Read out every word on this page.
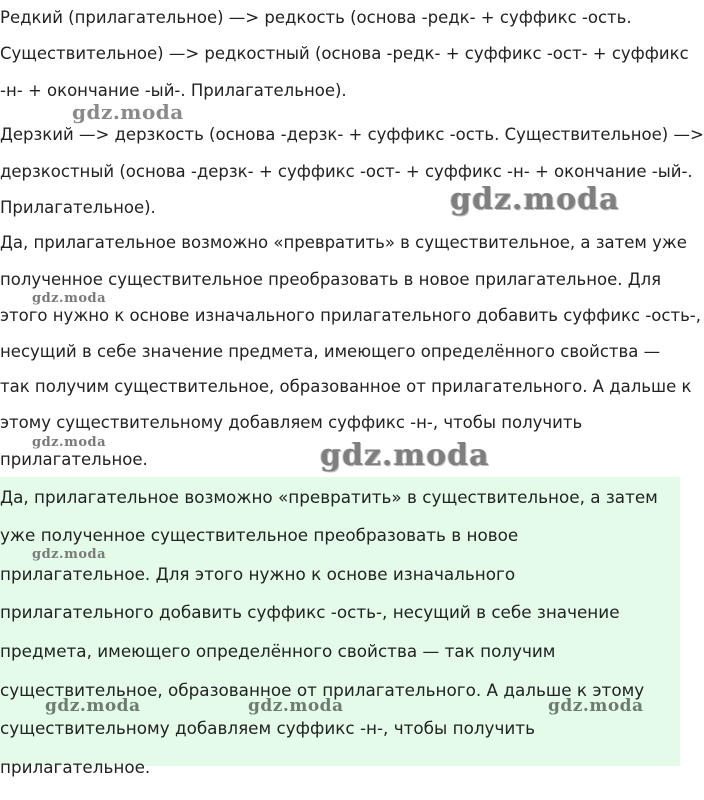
Редкий (прилагательное) —> редкость (основа -редк- + суффикс -ость.
Существительное) —> редкостный (основа -редк- + суффикс -ост- + суффикс
-н- + окончание -ый-. Прилагательное).
Дерзкий —> дерзкость (основа -дерзк- + суффикс -ость. Существительное) —>
дерзкостный (основа -дерзк- + суффикс -ост- + суффикс -н- + окончание -ый-.
Прилагательное).
Да, прилагательное возможно «превратить» в существительное, а затем уже
полученное существительное преобразовать в новое прилагательное. Для
этого нужно к основе изначального прилагательного добавить суффикс -ость-,
несущий в себе значение предмета, имеющего определённого свойства —
так получим существительное, образованное от прилагательного. А дальше к
этому существительному добавляем суффикс -н-, чтобы получить
прилагательное.
Да, прилагательное возможно «превратить» в существительное, а затем
уже полученное существительное преобразовать в новое
прилагательное. Для этого нужно к основе изначального
прилагательного добавить суффикс -ость-, несущий в себе значение
предмета, имеющего определённого свойства — так получим
существительное, образованное от прилагательного. А дальше к этому
существительному добавляем суффикс -н-, чтобы получить
прилагательное.
gdz.moda
gdz.moda
gdz.moda
gdz.moda	gdz.moda
gdz.moda
gdz.moda	gdz.moda	gdz.moda
